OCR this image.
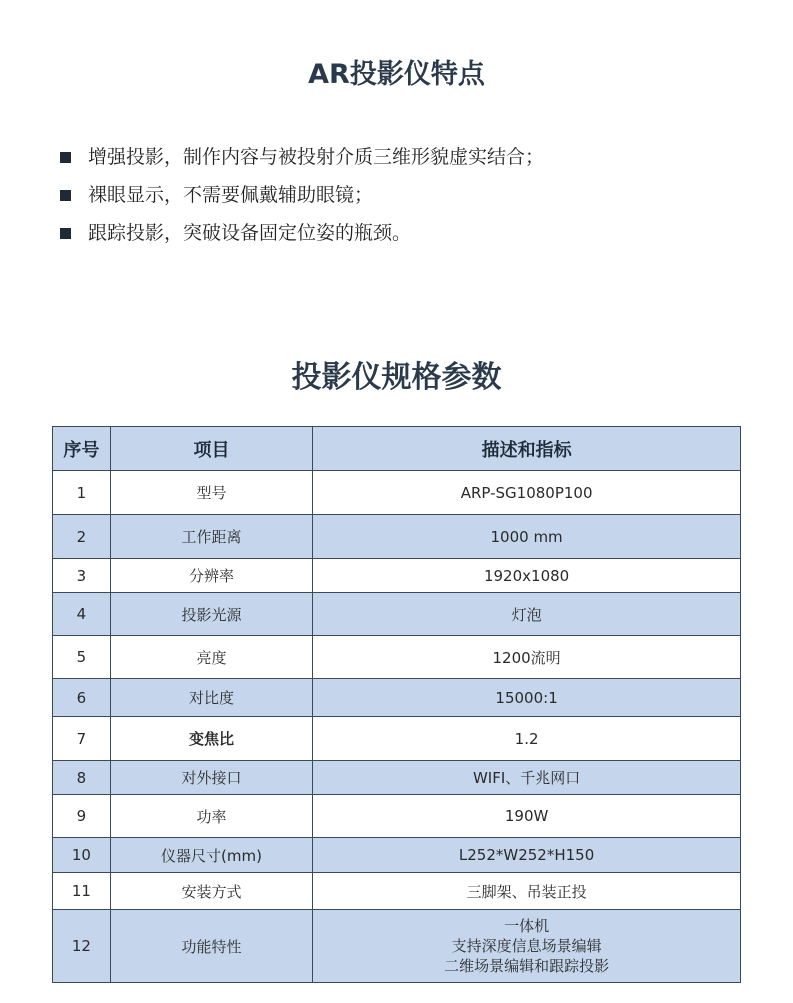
AR投影仪特点
增强投影，制作内容与被投射介质三维形貌虚实结合；
裸眼显示，不需要佩戴辅助眼镜；
跟踪投影，突破设备固定位姿的瓶颈。
投影仪规格参数
序号	项目	描述和指标
1	型号	ARP-SG1080P100
2	工作距离	1000 mm
3	分辨率	1920x1080
4	投影光源	灯泡
5	亮度	1200流明
6	对比度	15000:1
7	变焦比	1.2
8	对外接口	WIFI、千兆网口
9	功率	190W
10	仪器尺寸(mm)	L252*W252*H150
11	安装方式	三脚架、吊装正投
12	功能特性	一体机
支持深度信息场景编辑
二维场景编辑和跟踪投影
